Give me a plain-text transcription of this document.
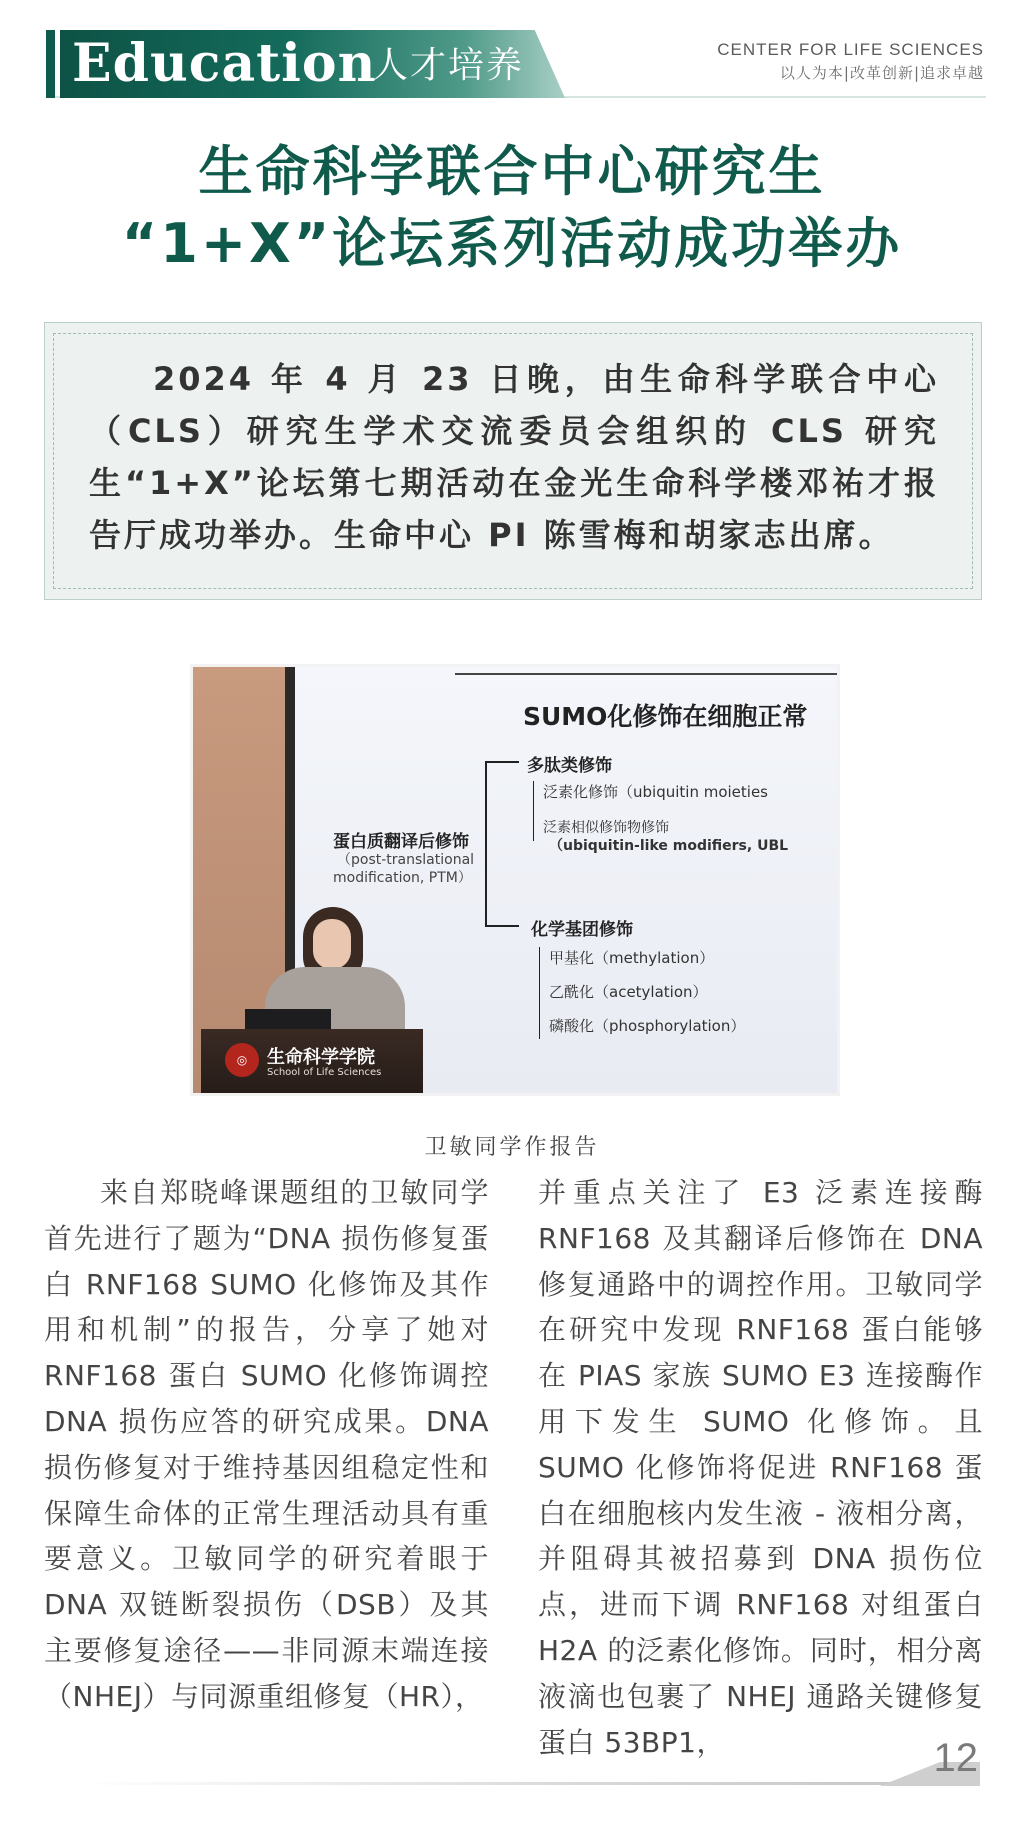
Education
人才培养	CENTER FOR LIFE SCIENCES
以人为本|改革创新|追求卓越
生命科学联合中心研究生
“1+X”论坛系列活动成功举办
2024 年 4 月 23 日晚，由生命科学联合中心（CLS）研究生学术交流委员会组织的 CLS 研究生“1+X”论坛第七期活动在金光生命科学楼邓祐才报告厅成功举办。生命中心 PI 陈雪梅和胡家志出席。
SUMO化修饰在细胞正常
蛋白质翻译后修饰
（post-translational
modification, PTM）
多肽类修饰
泛素化修饰（ubiquitin moieties
泛素相似修饰物修饰
（ubiquitin-like modifiers, UBL
化学基团修饰
甲基化（methylation）
乙酰化（acetylation）
磷酸化（phosphorylation）
◎	生命科学学院
School of Life Sciences
卫敏同学作报告

来自郑晓峰课题组的卫敏同学首先进行了题为“DNA 损伤修复蛋白 RNF168 SUMO 化修饰及其作用和机制”的报告，分享了她对 RNF168 蛋白 SUMO 化修饰调控 DNA 损伤应答的研究成果。DNA 损伤修复对于维持基因组稳定性和保障生命体的正常生理活动具有重要意义。卫敏同学的研究着眼于 DNA 双链断裂损伤（DSB）及其主要修复途径——非同源末端连接（NHEJ）与同源重组修复（HR），

并重点关注了 E3 泛素连接酶 RNF168 及其翻译后修饰在 DNA 修复通路中的调控作用。卫敏同学在研究中发现 RNF168 蛋白能够在 PIAS 家族 SUMO E3 连接酶作用下发生 SUMO 化修饰。且 SUMO 化修饰将促进 RNF168 蛋白在细胞核内发生液 - 液相分离，并阻碍其被招募到 DNA 损伤位点，进而下调 RNF168 对组蛋白 H2A 的泛素化修饰。同时，相分离液滴也包裹了 NHEJ 通路关键修复蛋白 53BP1，	12
